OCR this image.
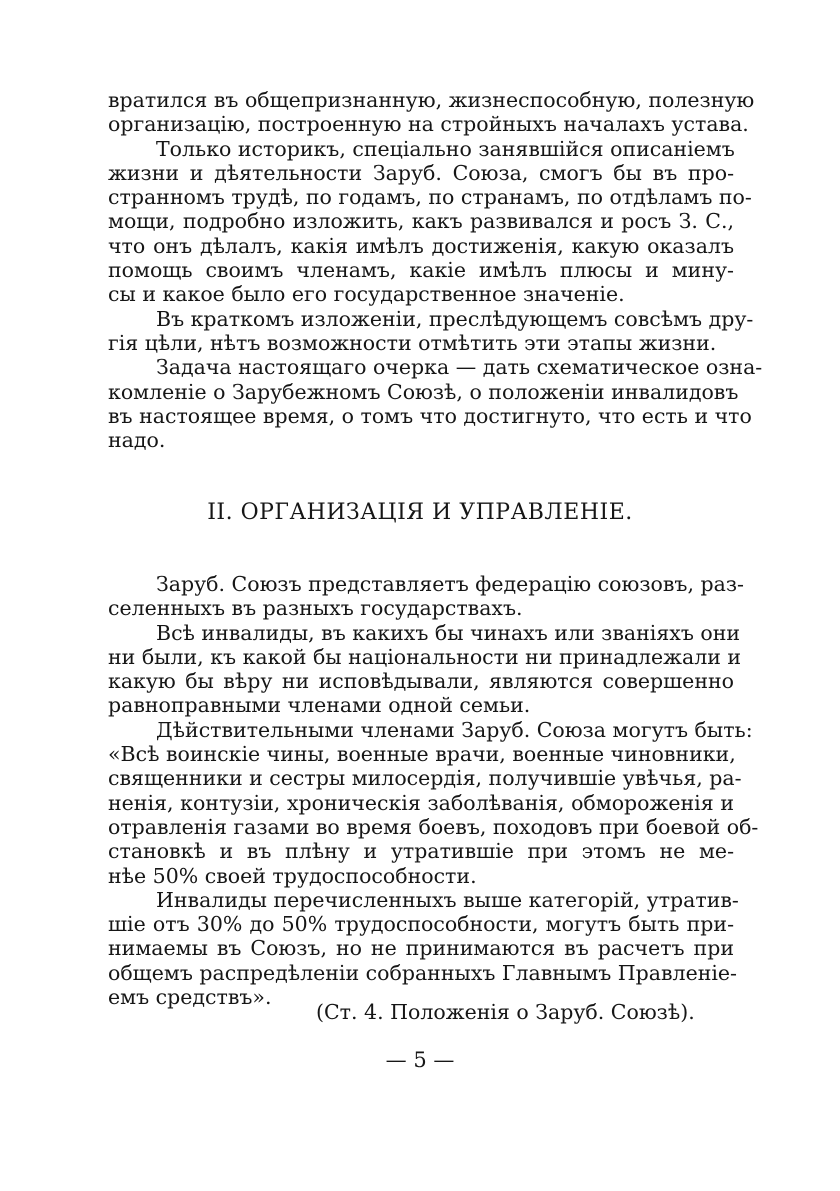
вратился въ общепризнанную, жизнеспособную, полезную
организацію, построенную на стройныхъ началахъ устава.
Только историкъ, спеціально занявшійся описаніемъ
жизни и дѣятельности Заруб. Союза, смогъ бы въ про-
странномъ трудѣ, по годамъ, по странамъ, по отдѣламъ по-
мощи, подробно изложить, какъ развивался и росъ З. С.,
что онъ дѣлалъ, какія имѣлъ достиженія, какую оказалъ
помощь своимъ членамъ, какіе имѣлъ плюсы и мину-
сы и какое было его государственное значеніе.
Въ краткомъ изложеніи, преслѣдующемъ совсѣмъ дру-
гія цѣли, нѣтъ возможности отмѣтить эти этапы жизни.
Задача настоящаго очерка — дать схематическое озна-
комленіе о Зарубежномъ Союзѣ, о положеніи инвалидовъ
въ настоящее время, о томъ что достигнуто, что есть и что
надо.
II. ОРГАНИЗАЦІЯ И УПРАВЛЕНІЕ.
Заруб. Союзъ представляетъ федерацію союзовъ, раз-
селенныхъ въ разныхъ государствахъ.
Всѣ инвалиды, въ какихъ бы чинахъ или званіяхъ они
ни были, къ какой бы національности ни принадлежали и
какую бы вѣру ни исповѣдывали, являются совершенно
равноправными членами одной семьи.
Дѣйствительными членами Заруб. Союза могутъ быть:
«Всѣ воинскіе чины, военные врачи, военные чиновники,
священники и сестры милосердія, получившіе увѣчья, ра-
ненія, контузіи, хроническія заболѣванія, обмороженія и
отравленія газами во время боевъ, походовъ при боевой об-
становкѣ и въ плѣну и утратившіе при этомъ не ме-
нѣе 50% своей трудоспособности.
Инвалиды перечисленныхъ выше категорій, утратив-
шіе отъ 30% до 50% трудоспособности, могутъ быть при-
нимаемы въ Союзъ, но не принимаются въ расчетъ при
общемъ распредѣленіи собранныхъ Главнымъ Правленіе-
емъ средствъ».
(Ст. 4. Положенія о Заруб. Союзѣ).
— 5 —
